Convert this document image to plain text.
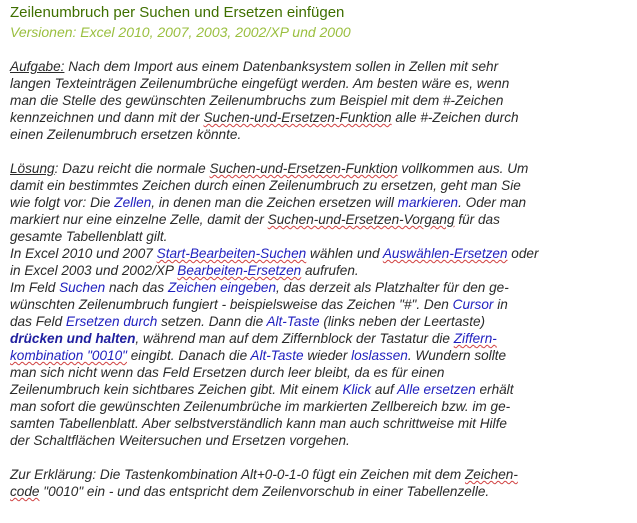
Zeilenumbruch per Suchen und Ersetzen einfügen
Versionen: Excel 2010, 2007, 2003, 2002/XP und 2000
Aufgabe: Nach dem Import aus einem Datenbanksystem sollen in Zellen mit sehr
langen Texteinträgen Zeilenumbrüche eingefügt werden. Am besten wäre es, wenn
man die Stelle des gewünschten Zeilenumbruchs zum Beispiel mit dem #-Zeichen
kennzeichnen und dann mit der Suchen-und-Ersetzen-Funktion alle #-Zeichen durch
einen Zeilenumbruch ersetzen könnte.
Lösung: Dazu reicht die normale Suchen-und-Ersetzen-Funktion vollkommen aus. Um
damit ein bestimmtes Zeichen durch einen Zeilenumbruch zu ersetzen, geht man Sie
wie folgt vor: Die Zellen, in denen man die Zeichen ersetzen will markieren. Oder man
markiert nur eine einzelne Zelle, damit der Suchen-und-Ersetzen-Vorgang für das
gesamte Tabellenblatt gilt.
In Excel 2010 und 2007 Start-Bearbeiten-Suchen wählen und Auswählen-Ersetzen oder
in Excel 2003 und 2002/XP Bearbeiten-Ersetzen aufrufen.
Im Feld Suchen nach das Zeichen eingeben, das derzeit als Platzhalter für den ge-
wünschten Zeilenumbruch fungiert - beispielsweise das Zeichen "#". Den Cursor in
das Feld Ersetzen durch setzen. Dann die Alt-Taste (links neben der Leertaste)
drücken und halten, während man auf dem Ziffernblock der Tastatur die Ziffern-
kombination "0010" eingibt. Danach die Alt-Taste wieder loslassen. Wundern sollte
man sich nicht wenn das Feld Ersetzen durch leer bleibt, da es für einen
Zeilenumbruch kein sichtbares Zeichen gibt. Mit einem Klick auf Alle ersetzen erhält
man sofort die gewünschten Zeilenumbrüche im markierten Zellbereich bzw. im ge-
samten Tabellenblatt. Aber selbstverständlich kann man auch schrittweise mit Hilfe
der Schaltflächen Weitersuchen und Ersetzen vorgehen.
Zur Erklärung: Die Tastenkombination Alt+0-0-1-0 fügt ein Zeichen mit dem Zeichen-
code "0010" ein - und das entspricht dem Zeilenvorschub in einer Tabellenzelle.
